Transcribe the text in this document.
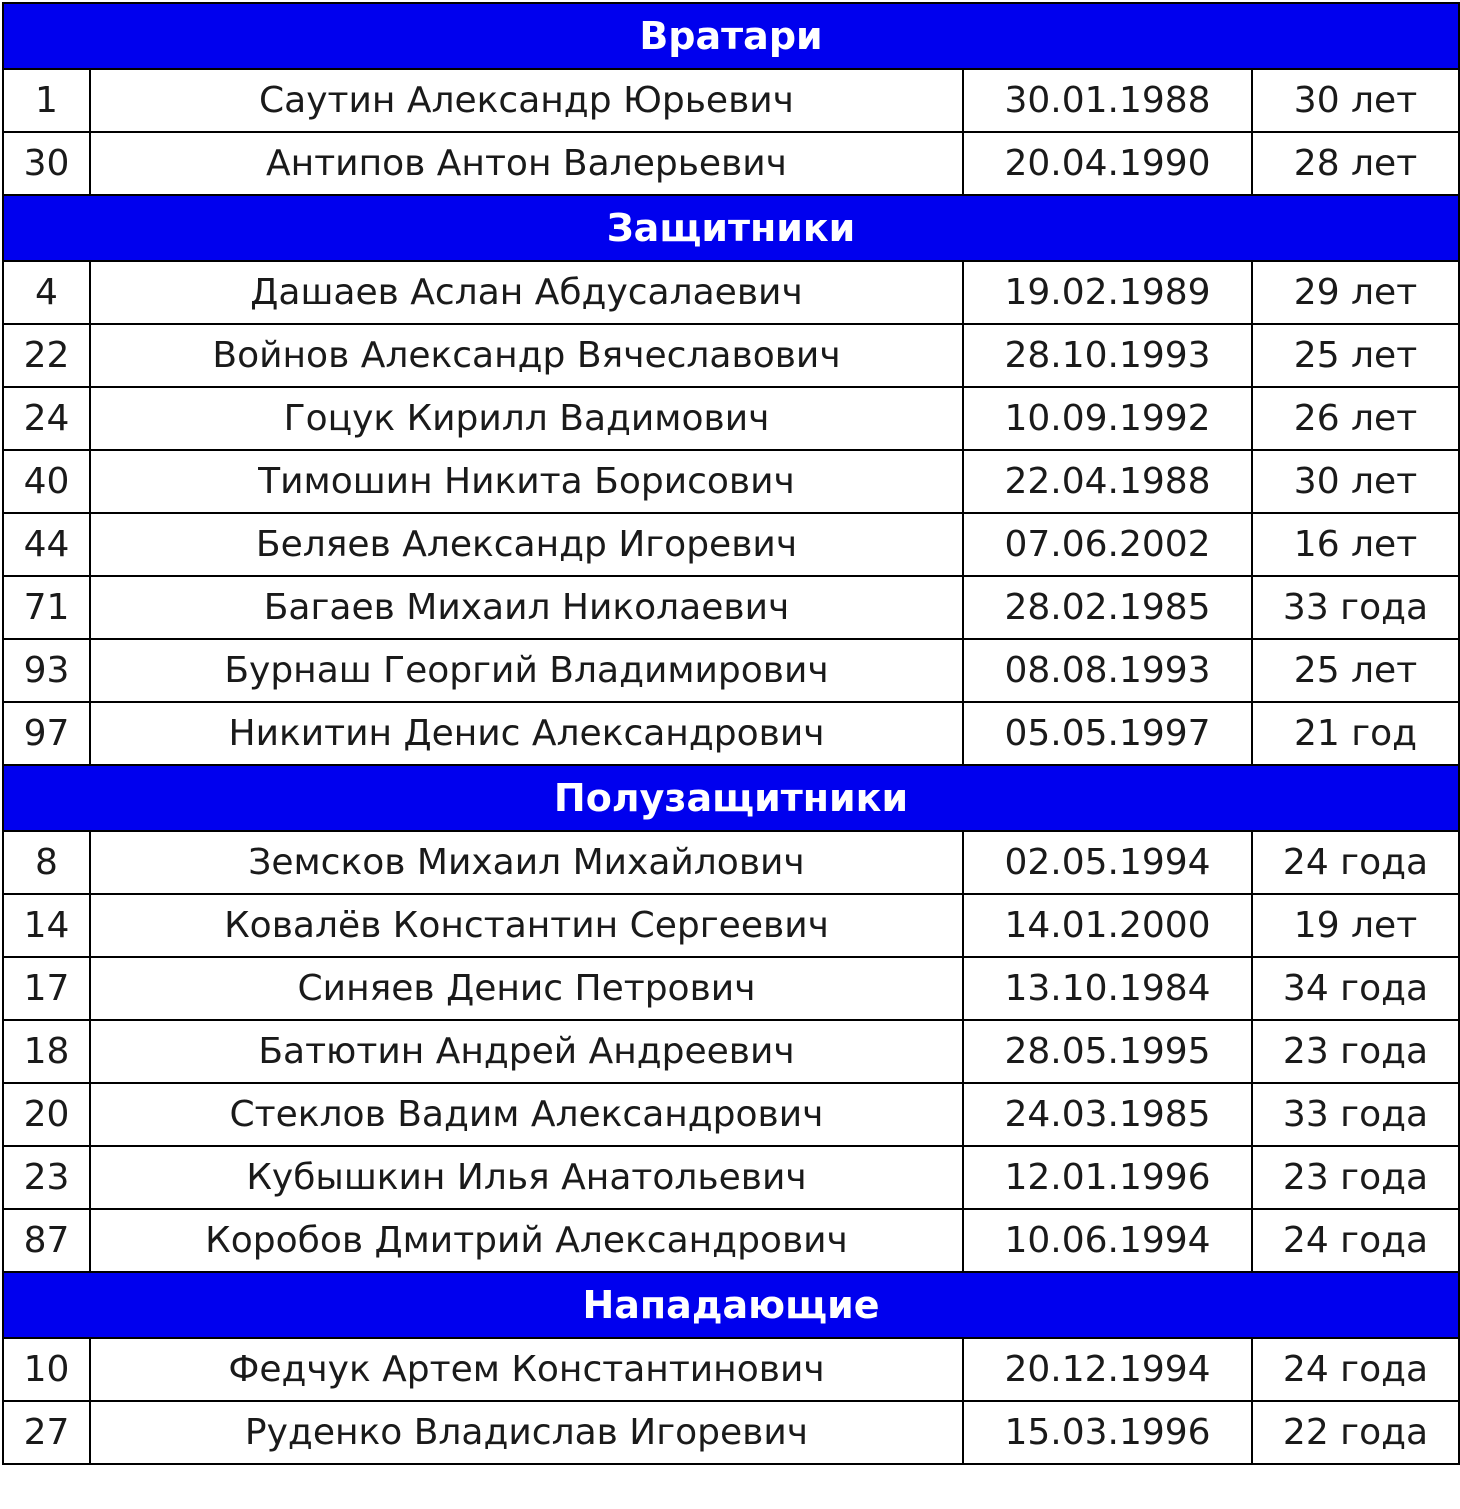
Вратари			
1	Саутин Александр Юрьевич	30.01.1988	30 лет
30	Антипов Антон Валерьевич	20.04.1990	28 лет
Защитники			
4	Дашаев Аслан Абдусалаевич	19.02.1989	29 лет
22	Войнов Александр Вячеславович	28.10.1993	25 лет
24	Гоцук Кирилл Вадимович	10.09.1992	26 лет
40	Тимошин Никита Борисович	22.04.1988	30 лет
44	Беляев Александр Игоревич	07.06.2002	16 лет
71	Багаев Михаил Николаевич	28.02.1985	33 года
93	Бурнаш Георгий Владимирович	08.08.1993	25 лет
97	Никитин Денис Александрович	05.05.1997	21 год
Полузащитники			
8	Земсков Михаил Михайлович	02.05.1994	24 года
14	Ковалёв Константин Сергеевич	14.01.2000	19 лет
17	Синяев Денис Петрович	13.10.1984	34 года
18	Батютин Андрей Андреевич	28.05.1995	23 года
20	Стеклов Вадим Александрович	24.03.1985	33 года
23	Кубышкин Илья Анатольевич	12.01.1996	23 года
87	Коробов Дмитрий Александрович	10.06.1994	24 года
Нападающие			
10	Федчук Артем Константинович	20.12.1994	24 года
27	Руденко Владислав Игоревич	15.03.1996	22 года
